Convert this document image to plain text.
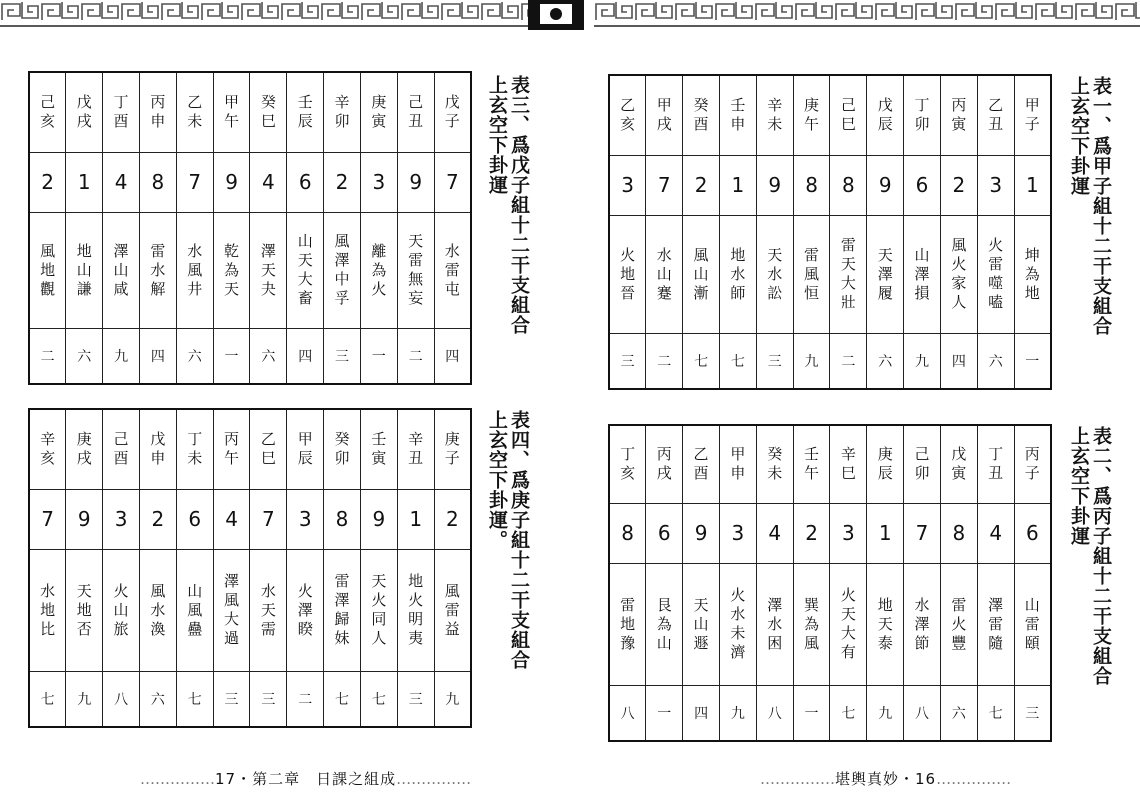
己亥	戊戌	丁酉	丙申	乙未	甲午	癸巳	壬辰	辛卯	庚寅	己丑	戊子
2	1	4	8	7	9	4	6	2	3	9	7
風地觀	地山謙	澤山咸	雷水解	水風井	乾為天	澤天夬	山天大畜	風澤中孚	離為火	天雷無妄	水雷屯
二	六	九	四	六	一	六	四	三	一	二	四
表三、爲戊子組十二干支組合
上玄空下卦運
辛亥	庚戌	己酉	戊申	丁未	丙午	乙巳	甲辰	癸卯	壬寅	辛丑	庚子
7	9	3	2	6	4	7	3	8	9	1	2
水地比	天地否	火山旅	風水渙	山風蠱	澤風大過	水天需	火澤睽	雷澤歸妹	天火同人	地火明夷	風雷益
七	九	八	六	七	三	三	二	七	七	三	九
表四、爲庚子組十二干支組合
上玄空下卦運。
乙亥	甲戌	癸酉	壬申	辛未	庚午	己巳	戊辰	丁卯	丙寅	乙丑	甲子
3	7	2	1	9	8	8	9	6	2	3	1
火地晉	水山蹇	風山漸	地水師	天水訟	雷風恒	雷天大壯	天澤履	山澤損	風火家人	火雷噬嗑	坤為地
三	二	七	七	三	九	二	六	九	四	六	一
表一、爲甲子組十二干支組合
上玄空下卦運
丁亥	丙戌	乙酉	甲申	癸未	壬午	辛巳	庚辰	己卯	戊寅	丁丑	丙子
8	6	9	3	4	2	3	1	7	8	4	6
雷地豫	艮為山	天山遯	火水未濟	澤水困	巽為風	火天大有	地天泰	水澤節	雷火豐	澤雷隨	山雷頤
八	一	四	九	八	一	七	九	八	六	七	三
表二、爲丙子組十二干支組合
上玄空下卦運
……………17・第二章　日課之組成……………	……………堪輿真妙・16……………
